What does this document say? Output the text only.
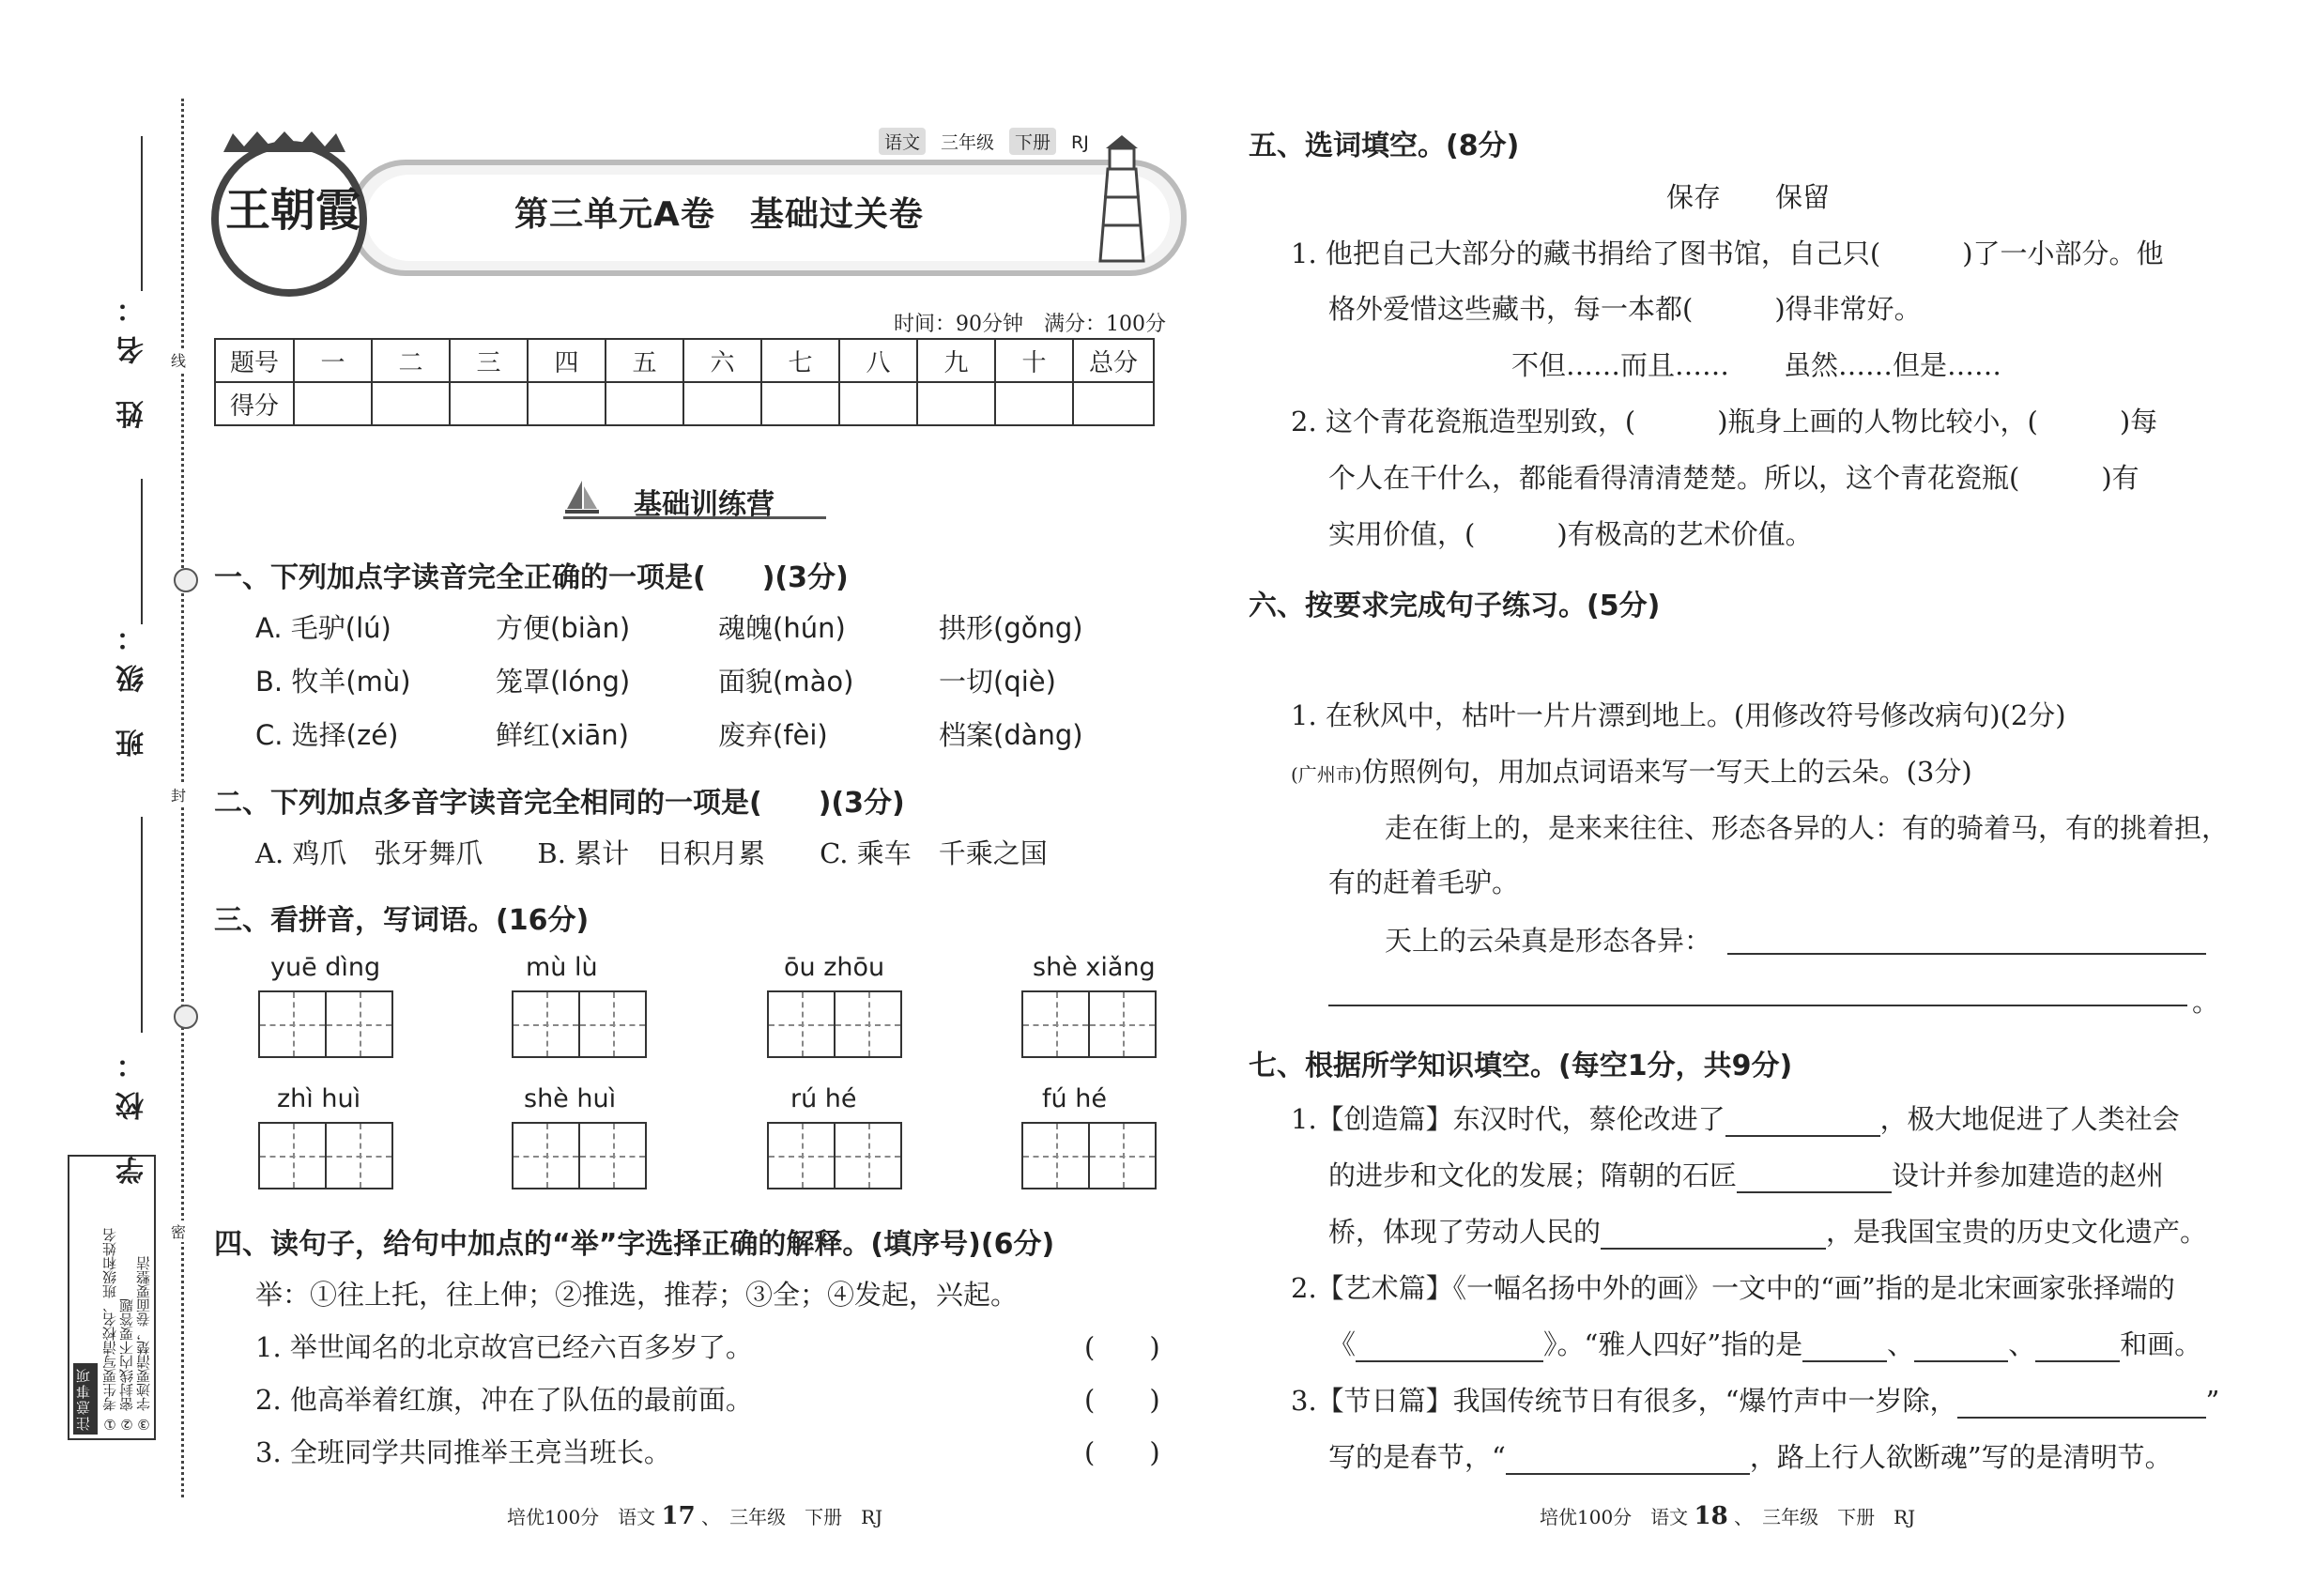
姓 名：
班 级：
学 校：
线
封
密
注意事项 ① 考生要写清校名、班级和姓名 ② 密封线内不要答题 ③ 字迹要清楚，卷面要整洁
王朝霞
语文 三年级 下册 RJ
第三单元A卷　基础过关卷
时间：90分钟　满分：100分
题号	一	二	三	四	五	六	七	八	九	十	总分
得分											
基础训练营
一、下列加点字读音完全正确的一项是(　　)(3分)
A. 毛驴(lú)	方便(biàn)	魂魄(hún)	拱形(gǒng)
B. 牧羊(mù)	笼罩(lóng)	面貌(mào)	一切(qiè)
C. 选择(zé)	鲜红(xiān)	废弃(fèi)	档案(dàng)
二、下列加点多音字读音完全相同的一项是(　　)(3分)
A. 鸡爪　张牙舞爪　　B. 累计　日积月累　　C. 乘车　千乘之国
三、看拼音，写词语。(16分)
yuē dìng	mù lù	ōu zhōu	shè xiǎng
zhì huì	shè huì	rú hé	fú hé
四、读句子，给句中加点的“举”字选择正确的解释。(填序号)(6分)
举：①往上托，往上伸；②推选，推荐；③全；④发起，兴起。
1. 举世闻名的北京故宫已经六百多岁了。	(　　)
2. 他高举着红旗，冲在了队伍的最前面。	(　　)
3. 全班同学共同推举王亮当班长。	(　　)
培优100分　语文 17 、　三年级　下册　RJ
五、选词填空。(8分)
保存　　保留
1. 他把自己大部分的藏书捐给了图书馆，自己只(　　　)了一小部分。他
格外爱惜这些藏书，每一本都(　　　)得非常好。
不但……而且……　　虽然……但是……
2. 这个青花瓷瓶造型别致，(　　　)瓶身上画的人物比较小，(　　　)每
个人在干什么，都能看得清清楚楚。所以，这个青花瓷瓶(　　　)有
实用价值，(　　　)有极高的艺术价值。
六、按要求完成句子练习。(5分)
1. 在秋风中，枯叶一片片漂到地上。(用修改符号修改病句)(2分)
(广州市)仿照例句，用加点词语来写一写天上的云朵。(3分)
走在街上的，是来来往往、形态各异的人：有的骑着马，有的挑着担，
有的赶着毛驴。
天上的云朵真是形态各异：
。
七、根据所学知识填空。(每空1分，共9分)
1.【创造篇】东汉时代，蔡伦改进了	，极大地促进了人类社会
的进步和文化的发展；隋朝的石匠	设计并参加建造的赵州
桥，体现了劳动人民的	，是我国宝贵的历史文化遗产。
2.【艺术篇】《一幅名扬中外的画》一文中的“画”指的是北宋画家张择端的
《	》。“雅人四好”指的是	、	、	和画。
3.【节日篇】我国传统节日有很多，“爆竹声中一岁除，	”
写的是春节，“	，路上行人欲断魂”写的是清明节。
培优100分　语文 18 、　三年级　下册　RJ
